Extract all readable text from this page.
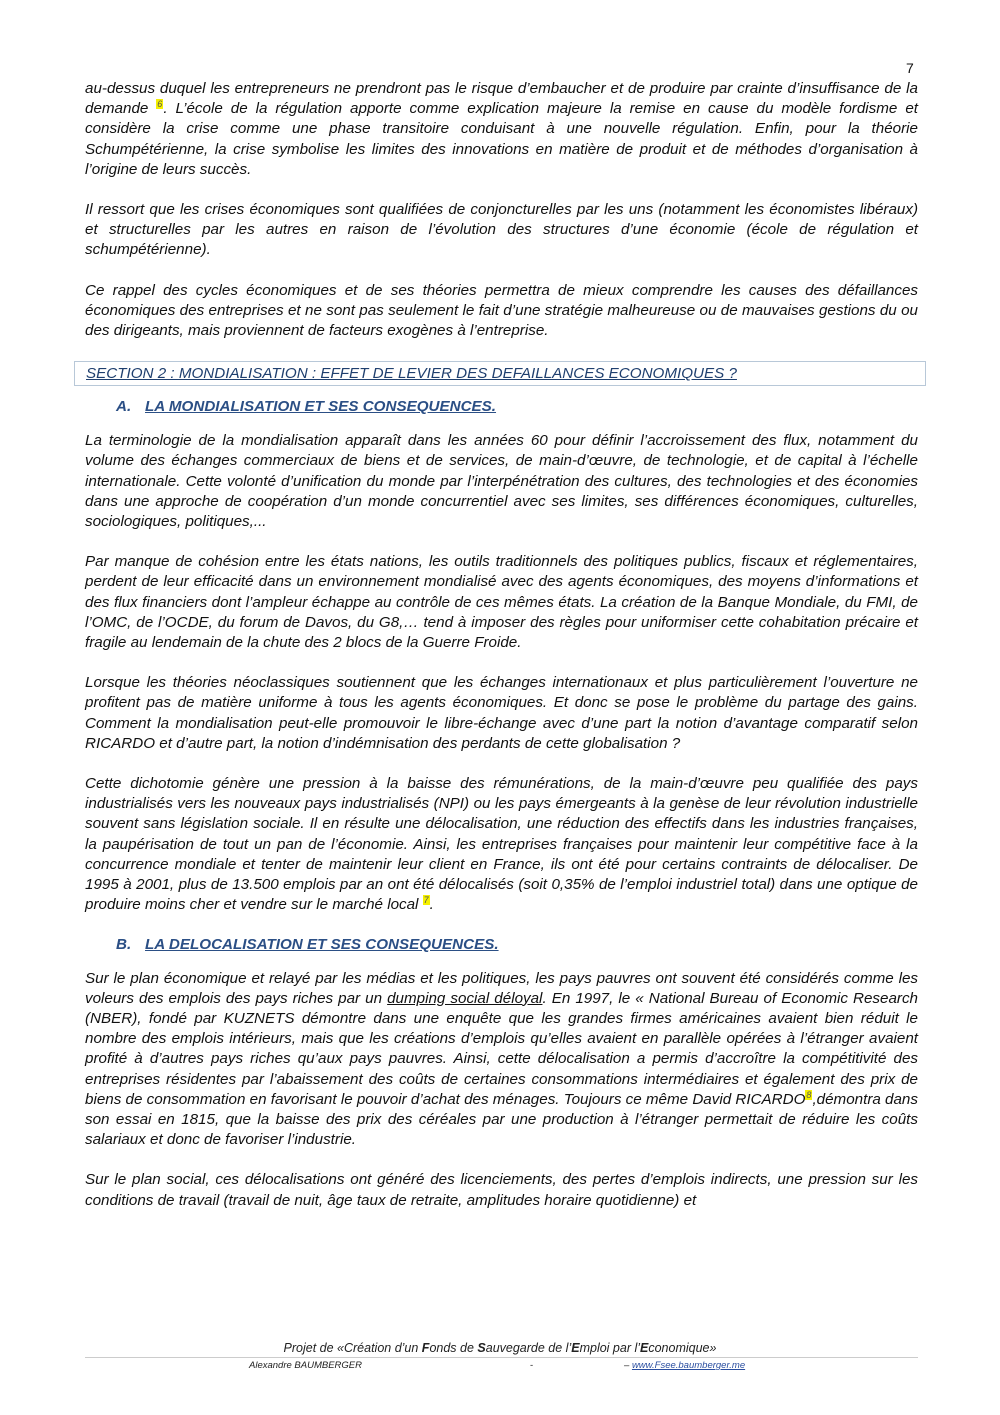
7

au-dessus duquel les entrepreneurs ne prendront pas le risque d’embaucher et de produire par crainte d’insuffisance de la demande $^6$. L’école de la régulation apporte comme explication majeure la remise en cause du modèle fordisme et considère la crise comme une phase transitoire conduisant à une nouvelle régulation. Enfin, pour la théorie Schumpétérienne, la crise symbolise les limites des innovations en matière de produit et de méthodes d’organisation à l’origine de leurs succès.

Il ressort que les crises économiques sont qualifiées de conjoncturelles par les uns (notamment les économistes libéraux) et structurelles par les autres en raison de l’évolution des structures d’une économie (école de régulation et schumpétérienne).

Ce rappel des cycles économiques et de ses théories permettra de mieux comprendre les causes des défaillances économiques des entreprises et ne sont pas seulement le fait d’une stratégie malheureuse ou de mauvaises gestions du ou des dirigeants, mais proviennent de facteurs exogènes à l’entreprise.

SECTION 2 : MONDIALISATION : EFFET DE LEVIER DES DEFAILLANCES ECONOMIQUES ?
A. LA MONDIALISATION ET SES CONSEQUENCES.

La terminologie de la mondialisation apparaît dans les années 60 pour définir l’accroissement des flux, notamment du volume des échanges commerciaux de biens et de services, de main-d’œuvre, de technologie, et de capital à l’échelle internationale. Cette volonté d’unification du monde par l’interpénétration des cultures, des technologies et des économies dans une approche de coopération d’un monde concurrentiel avec ses limites, ses différences économiques, culturelles, sociologiques, politiques,...

Par manque de cohésion entre les états nations, les outils traditionnels des politiques publics, fiscaux et réglementaires, perdent de leur efficacité dans un environnement mondialisé avec des agents économiques, des moyens d’informations et des flux financiers dont l’ampleur échappe au contrôle de ces mêmes états. La création de la Banque Mondiale, du FMI, de l’OMC, de l’OCDE, du forum de Davos, du G8,… tend à imposer des règles pour uniformiser cette cohabitation précaire et fragile au lendemain de la chute des 2 blocs de la Guerre Froide.

Lorsque les théories néoclassiques soutiennent que les échanges internationaux et plus particulièrement l’ouverture ne profitent pas de matière uniforme à tous les agents économiques. Et donc se pose le problème du partage des gains. Comment la mondialisation peut-elle promouvoir le libre-échange avec d’une part la notion d’avantage comparatif selon RICARDO et d’autre part, la notion d’indémnisation des perdants de cette globalisation ?

Cette dichotomie génère une pression à la baisse des rémunérations, de la main-d’œuvre peu qualifiée des pays industrialisés vers les nouveaux pays industrialisés (NPI) ou les pays émergeants à la genèse de leur révolution industrielle souvent sans législation sociale. Il en résulte une délocalisation, une réduction des effectifs dans les industries françaises, la paupérisation de tout un pan de l’économie. Ainsi, les entreprises françaises pour maintenir leur compétitive face à la concurrence mondiale et tenter de maintenir leur client en France, ils ont été pour certains contraints de délocaliser. De 1995 à 2001, plus de 13.500 emplois par an ont été délocalisés (soit 0,35% de l’emploi industriel total) dans une optique de produire moins cher et vendre sur le marché local $^7$.

B. LA DELOCALISATION ET SES CONSEQUENCES.

Sur le plan économique et relayé par les médias et les politiques, les pays pauvres ont souvent été considérés comme les voleurs des emplois des pays riches par un dumping social déloyal. En 1997, le « National Bureau of Economic Research (NBER), fondé par KUZNETS démontre dans une enquête que les grandes firmes américaines avaient bien réduit le nombre des emplois intérieurs, mais que les créations d’emplois qu’elles avaient en parallèle opérées à l’étranger avaient profité à d’autres pays riches qu’aux pays pauvres. Ainsi, cette délocalisation a permis d’accroître la compétitivité des entreprises résidentes par l’abaissement des coûts de certaines consommations intermédiaires et également des prix de biens de consommation en favorisant le pouvoir d’achat des ménages. Toujours ce même David RICARDO$^8$,démontra dans son essai en 1815, que la baisse des prix des céréales par une production à l’étranger permettait de réduire les coûts salariaux et donc de favoriser l’industrie.

Sur le plan social, ces délocalisations ont généré des licenciements, des pertes d’emplois indirects, une pression sur les conditions de travail (travail de nuit, âge taux de retraite, amplitudes horaire quotidienne) et

Projet de «Création d’un Fonds de Sauvegarde de l’Emploi par l’Economique»
Alexandre BAUMBERGER	-	– www.Fsee.baumberger.me
